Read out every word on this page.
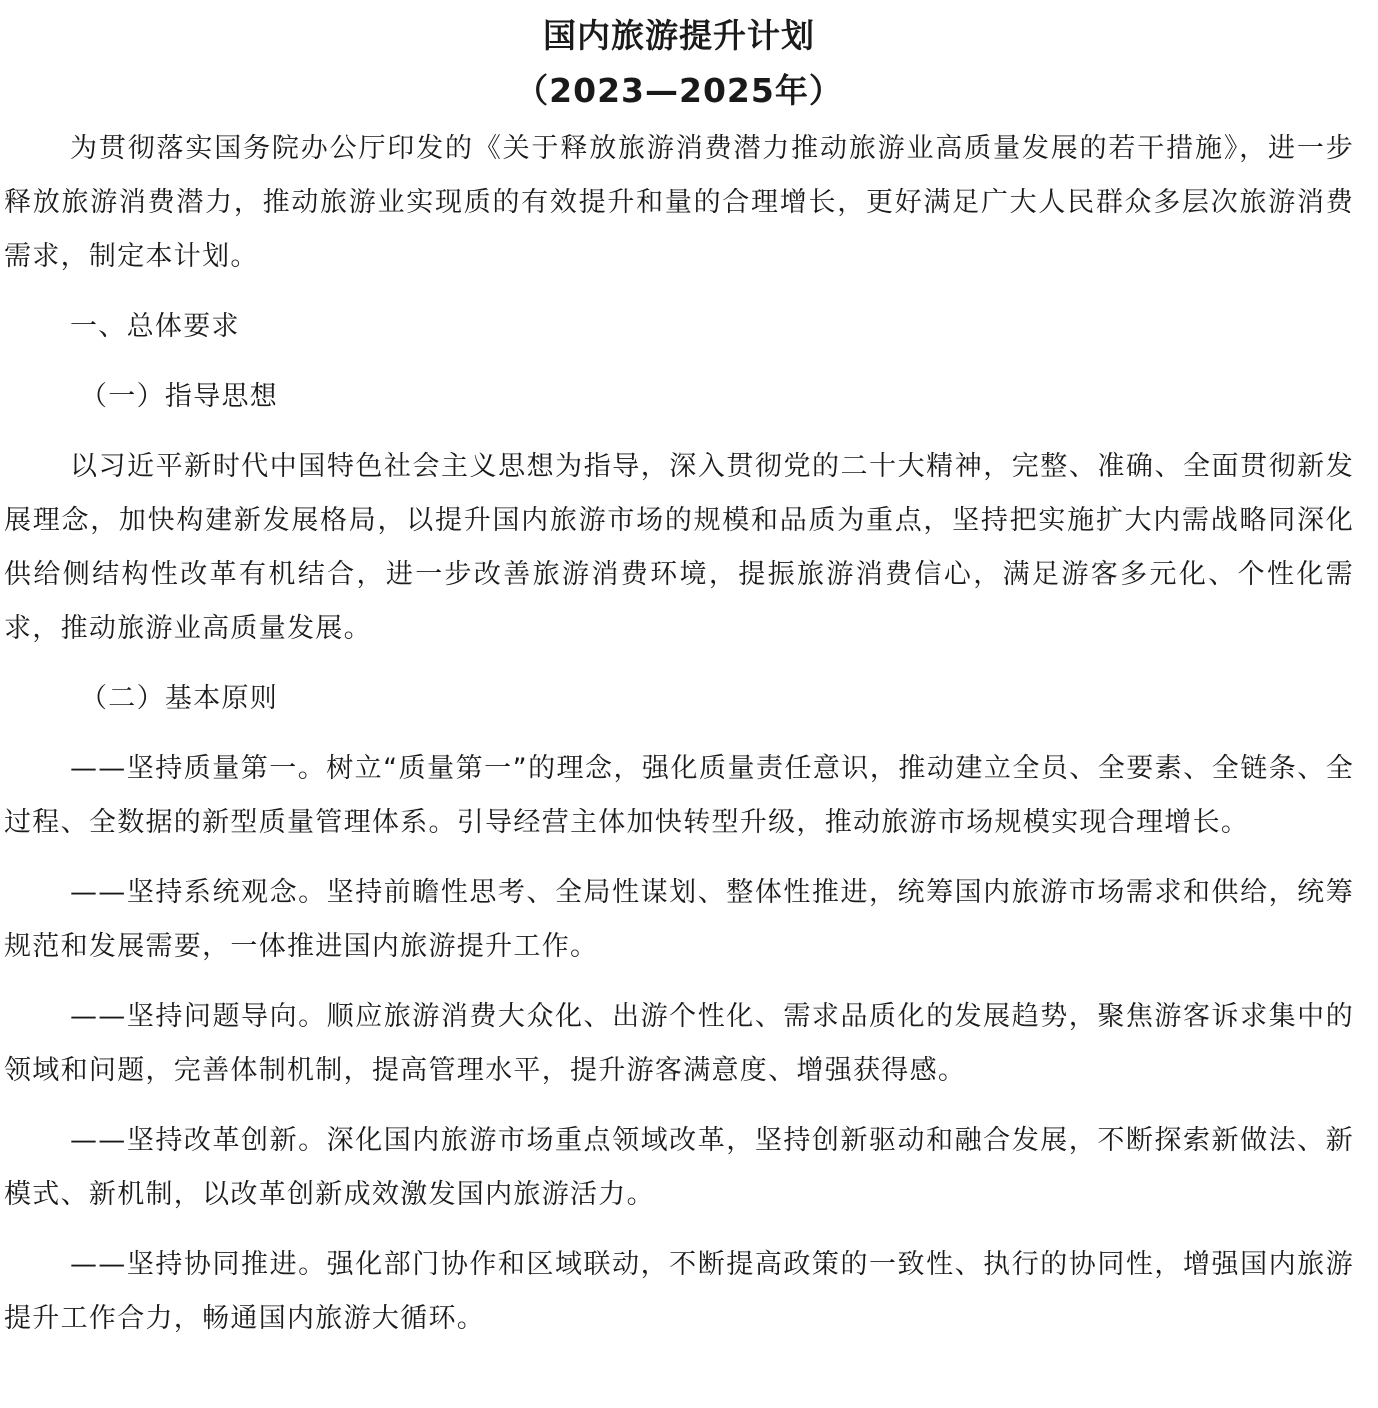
国内旅游提升计划
（2023—2025年）

为贯彻落实国务院办公厅印发的《关于释放旅游消费潜力推动旅游业高质量发展的若干措施》，进一步释放旅游消费潜力，推动旅游业实现质的有效提升和量的合理增长，更好满足广大人民群众多层次旅游消费需求，制定本计划。

一、总体要求

（一）指导思想

以习近平新时代中国特色社会主义思想为指导，深入贯彻党的二十大精神，完整、准确、全面贯彻新发展理念，加快构建新发展格局，以提升国内旅游市场的规模和品质为重点，坚持把实施扩大内需战略同深化供给侧结构性改革有机结合，进一步改善旅游消费环境，提振旅游消费信心，满足游客多元化、个性化需求，推动旅游业高质量发展。

（二）基本原则

——坚持质量第一。树立“质量第一”的理念，强化质量责任意识，推动建立全员、全要素、全链条、全过程、全数据的新型质量管理体系。引导经营主体加快转型升级，推动旅游市场规模实现合理增长。

——坚持系统观念。坚持前瞻性思考、全局性谋划、整体性推进，统筹国内旅游市场需求和供给，统筹规范和发展需要，一体推进国内旅游提升工作。

——坚持问题导向。顺应旅游消费大众化、出游个性化、需求品质化的发展趋势，聚焦游客诉求集中的领域和问题，完善体制机制，提高管理水平，提升游客满意度、增强获得感。

——坚持改革创新。深化国内旅游市场重点领域改革，坚持创新驱动和融合发展，不断探索新做法、新模式、新机制，以改革创新成效激发国内旅游活力。

——坚持协同推进。强化部门协作和区域联动，不断提高政策的一致性、执行的协同性，增强国内旅游提升工作合力，畅通国内旅游大循环。
